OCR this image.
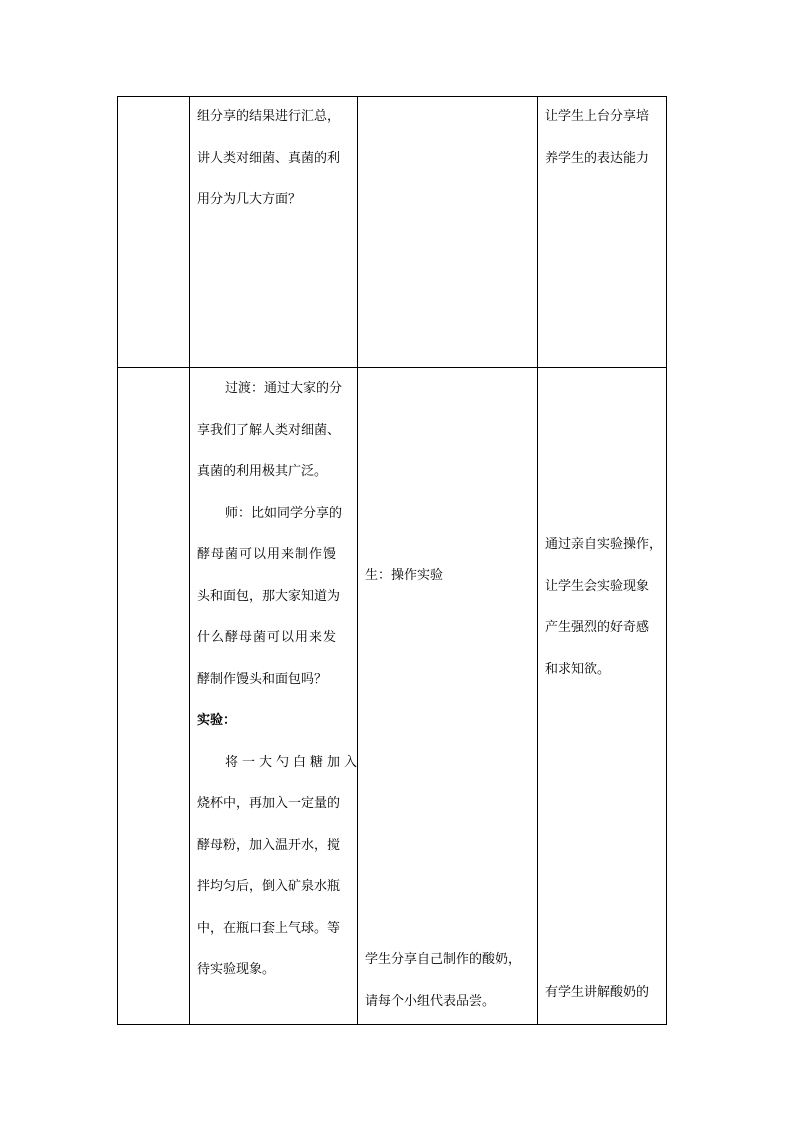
组分享的结果进行汇总，

讲人类对细菌、真菌的利

用分为几大方面？

让学生上台分享培

养学生的表达能力

过渡：通过大家的分

享我们了解人类对细菌、

真菌的利用极其广泛。

师：比如同学分享的

酵母菌可以用来制作馒

头和面包，那大家知道为

什么酵母菌可以用来发

酵制作馒头和面包吗？

实验：

将一大勺白糖加入

烧杯中，再加入一定量的

酵母粉，加入温开水，搅

拌均匀后，倒入矿泉水瓶

中，在瓶口套上气球。等

待实验现象。

生：操作实验

学生分享自己制作的酸奶，

请每个小组代表品尝。

通过亲自实验操作，

让学生会实验现象

产生强烈的好奇感

和求知欲。

有学生讲解酸奶的
